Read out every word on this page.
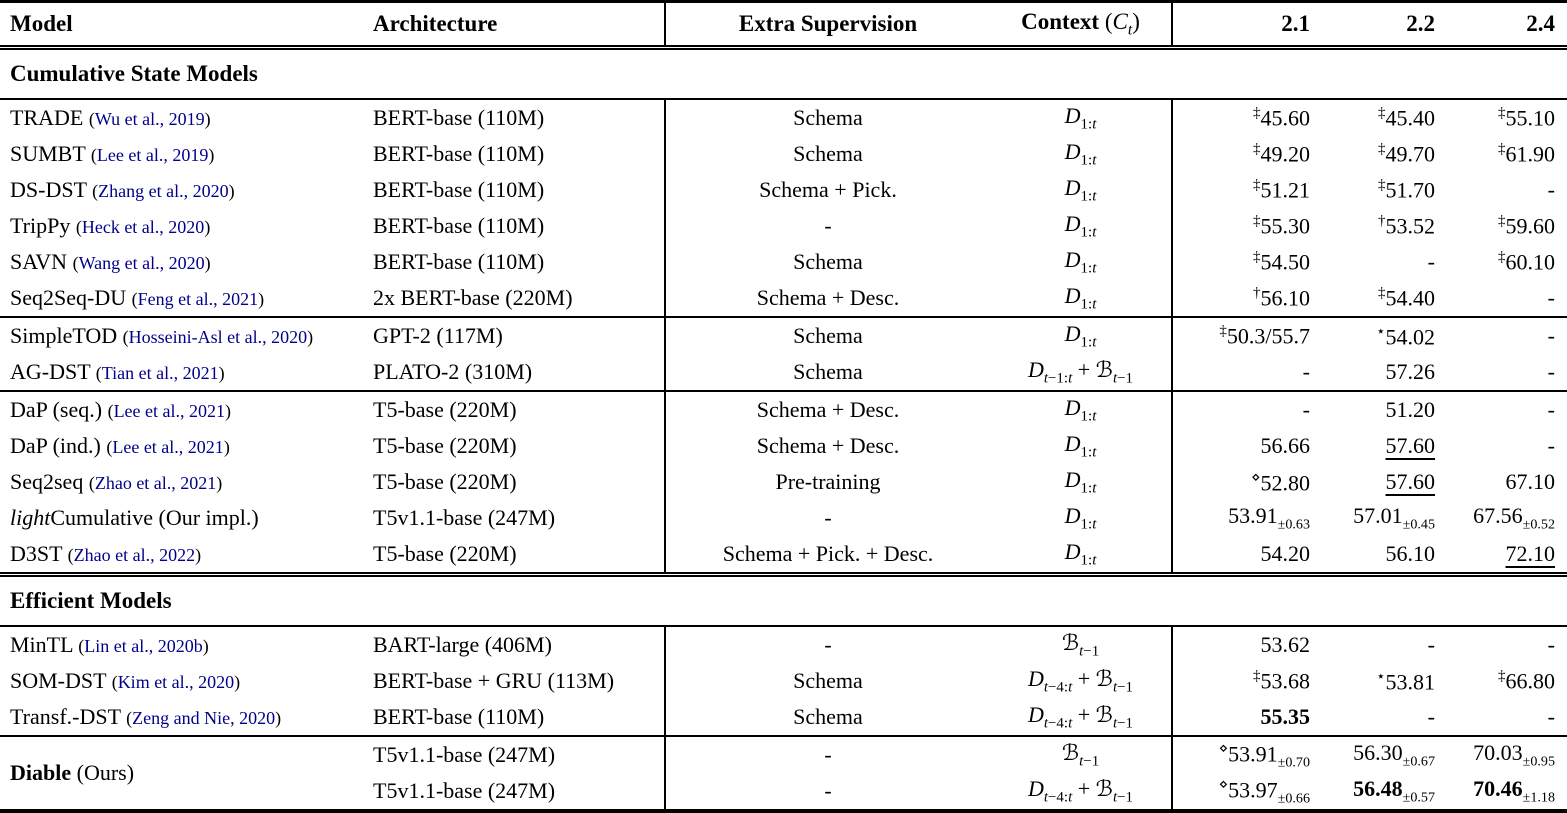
Model	Architecture	Extra Supervision	Context $(C_t)$	2.1	2.2	2.4
Cumulative State Models						
TRADE (Wu et al., 2019)	BERT-base (110M)	Schema	$D_{1:t}$	‡45.60	‡45.40	‡55.10
SUMBT (Lee et al., 2019)	BERT-base (110M)	Schema	$D_{1:t}$	‡49.20	‡49.70	‡61.90
DS-DST (Zhang et al., 2020)	BERT-base (110M)	Schema + Pick.	$D_{1:t}$	‡51.21	‡51.70	-
TripPy (Heck et al., 2020)	BERT-base (110M)	-	$D_{1:t}$	‡55.30	†53.52	‡59.60
SAVN (Wang et al., 2020)	BERT-base (110M)	Schema	$D_{1:t}$	‡54.50	-	‡60.10
Seq2Seq-DU (Feng et al., 2021)	2x BERT-base (220M)	Schema + Desc.	$D_{1:t}$	†56.10	‡54.40	-
SimpleTOD (Hosseini-Asl et al., 2020)	GPT-2 (117M)	Schema	$D_{1:t}$	‡50.3/55.7	⋆54.02	-
AG-DST (Tian et al., 2021)	PLATO-2 (310M)	Schema	$D_{t-1:t}$ + ℬ$_{t-1}$	-	57.26	-
DaP (seq.) (Lee et al., 2021)	T5-base (220M)	Schema + Desc.	$D_{1:t}$	-	51.20	-
DaP (ind.) (Lee et al., 2021)	T5-base (220M)	Schema + Desc.	$D_{1:t}$	56.66	57.60	-
Seq2seq (Zhao et al., 2021)	T5-base (220M)	Pre-training	$D_{1:t}$	⋄52.80	57.60	67.10
lightCumulative (Our impl.)	T5v1.1-base (247M)	-	$D_{1:t}$	$53.91_{\pm 0.63}$	$57.01_{\pm 0.45}$	$67.56_{\pm 0.52}$
D3ST (Zhao et al., 2022)	T5-base (220M)	Schema + Pick. + Desc.	$D_{1:t}$	54.20	56.10	72.10
Efficient Models						
MinTL (Lin et al., 2020b)	BART-large (406M)	-	ℬ$_{t-1}$	53.62	-	-
SOM-DST (Kim et al., 2020)	BERT-base + GRU (113M)	Schema	$D_{t-4:t}$ + ℬ$_{t-1}$	‡53.68	⋆53.81	‡66.80
Transf.-DST (Zeng and Nie, 2020)	BERT-base (110M)	Schema	$D_{t-4:t}$ + ℬ$_{t-1}$	55.35	-	-
Diable (Ours)	T5v1.1-base (247M)	-	ℬ$_{t-1}$	$^⋄53.91_{\pm 0.70}$	$56.30_{\pm 0.67}$	$70.03_{\pm 0.95}$
	T5v1.1-base (247M)	-	$D_{t-4:t}$ + ℬ$_{t-1}$	$^⋄53.97_{\pm 0.66}$	$56.48_{\pm 0.57}$	$70.46_{\pm 1.18}$
